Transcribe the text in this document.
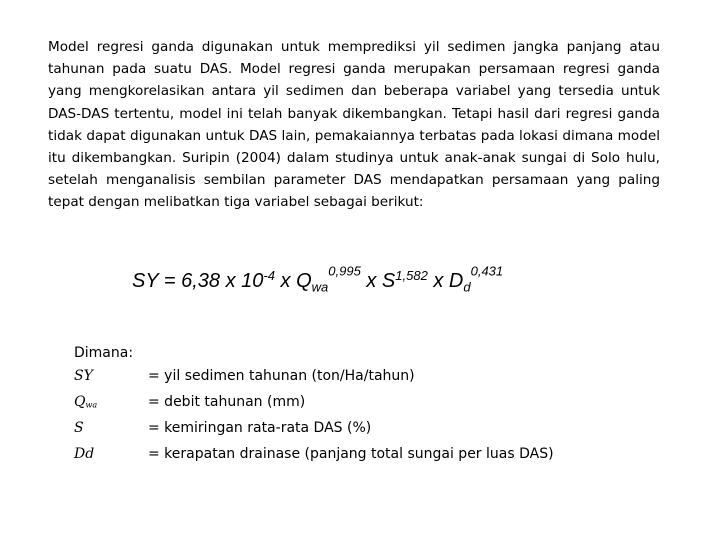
Model regresi ganda digunakan untuk memprediksi yil sedimen jangka panjang atau tahunan pada suatu DAS. Model regresi ganda merupakan persamaan regresi ganda yang mengkorelasikan antara yil sedimen dan beberapa variabel yang tersedia untuk DAS-DAS tertentu, model ini telah banyak dikembangkan. Tetapi hasil dari regresi ganda tidak dapat digunakan untuk DAS lain, pemakaiannya terbatas pada lokasi dimana model itu dikembangkan. Suripin (2004) dalam studinya untuk anak-anak sungai di Solo hulu, setelah menganalisis sembilan parameter DAS mendapatkan persamaan yang paling tepat dengan melibatkan tiga variabel sebagai berikut:

SY = 6,38 x $10^{-4}$ x $Q_{wa}^{0,995}$ x S$^{1,582}$ x $D_d^{0,431}$

Dimana:

SY	= yil sedimen tahunan (ton/Ha/tahun)
$Q_{wa}$	= debit tahunan (mm)
S	= kemiringan rata-rata DAS (%)
Dd	= kerapatan drainase (panjang total sungai per luas DAS)
